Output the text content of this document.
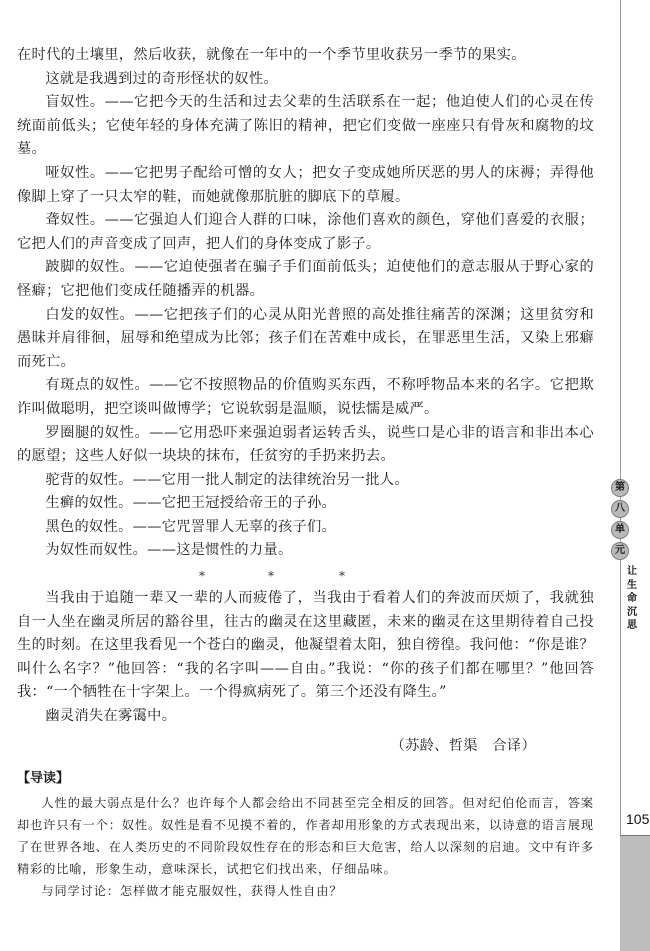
在时代的土壤里，然后收获，就像在一年中的一个季节里收获另一季节的果实。

这就是我遇到过的奇形怪状的奴性。

盲奴性。——它把今天的生活和过去父辈的生活联系在一起；他迫使人们的心灵在传统面前低头；它使年轻的身体充满了陈旧的精神，把它们变做一座座只有骨灰和腐物的坟墓。

哑奴性。——它把男子配给可憎的女人；把女子变成她所厌恶的男人的床褥；弄得他像脚上穿了一只太窄的鞋，而她就像那肮脏的脚底下的草履。

聋奴性。——它强迫人们迎合人群的口味，涂他们喜欢的颜色，穿他们喜爱的衣服；它把人们的声音变成了回声，把人们的身体变成了影子。

跛脚的奴性。——它迫使强者在骗子手们面前低头；迫使他们的意志服从于野心家的怪癖；它把他们变成任随播弄的机器。

白发的奴性。——它把孩子们的心灵从阳光普照的高处推往痛苦的深渊；这里贫穷和愚昧并肩徘徊，屈辱和绝望成为比邻；孩子们在苦难中成长，在罪恶里生活，又染上邪癖而死亡。

有斑点的奴性。——它不按照物品的价值购买东西，不称呼物品本来的名字。它把欺诈叫做聪明，把空谈叫做博学；它说软弱是温顺，说怯懦是威严。

罗圈腿的奴性。——它用恐吓来强迫弱者运转舌头，说些口是心非的语言和非出本心的愿望；这些人好似一块块的抹布，任贫穷的手扔来扔去。

驼背的奴性。——它用一批人制定的法律统治另一批人。

生癣的奴性。——它把王冠授给帝王的子孙。

黑色的奴性。——它咒詈罪人无辜的孩子们。

为奴性而奴性。——这是惯性的力量。

*	*	*

当我由于追随一辈又一辈的人而疲倦了，当我由于看着人们的奔波而厌烦了，我就独自一人坐在幽灵所居的豁谷里，往古的幽灵在这里藏匿，未来的幽灵在这里期待着自己投生的时刻。在这里我看见一个苍白的幽灵，他凝望着太阳，独自徬徨。我问他：“你是谁？叫什么名字？”他回答：“我的名字叫——自由。”我说：“你的孩子们都在哪里？”他回答我：“一个牺牲在十字架上。一个得疯病死了。第三个还没有降生。”

幽灵消失在雾霭中。

（苏龄、哲渠　合译）
【导读】

人性的最大弱点是什么？也许每个人都会给出不同甚至完全相反的回答。但对纪伯伦而言，答案却也许只有一个：奴性。奴性是看不见摸不着的，作者却用形象的方式表现出来，以诗意的语言展现了在世界各地、在人类历史的不同阶段奴性存在的形态和巨大危害，给人以深刻的启迪。文中有许多精彩的比喻，形象生动，意味深长，试把它们找出来，仔细品味。

与同学讨论：怎样做才能克服奴性，获得人性自由？

第
八
单
元
让
生
命
沉
思
105
